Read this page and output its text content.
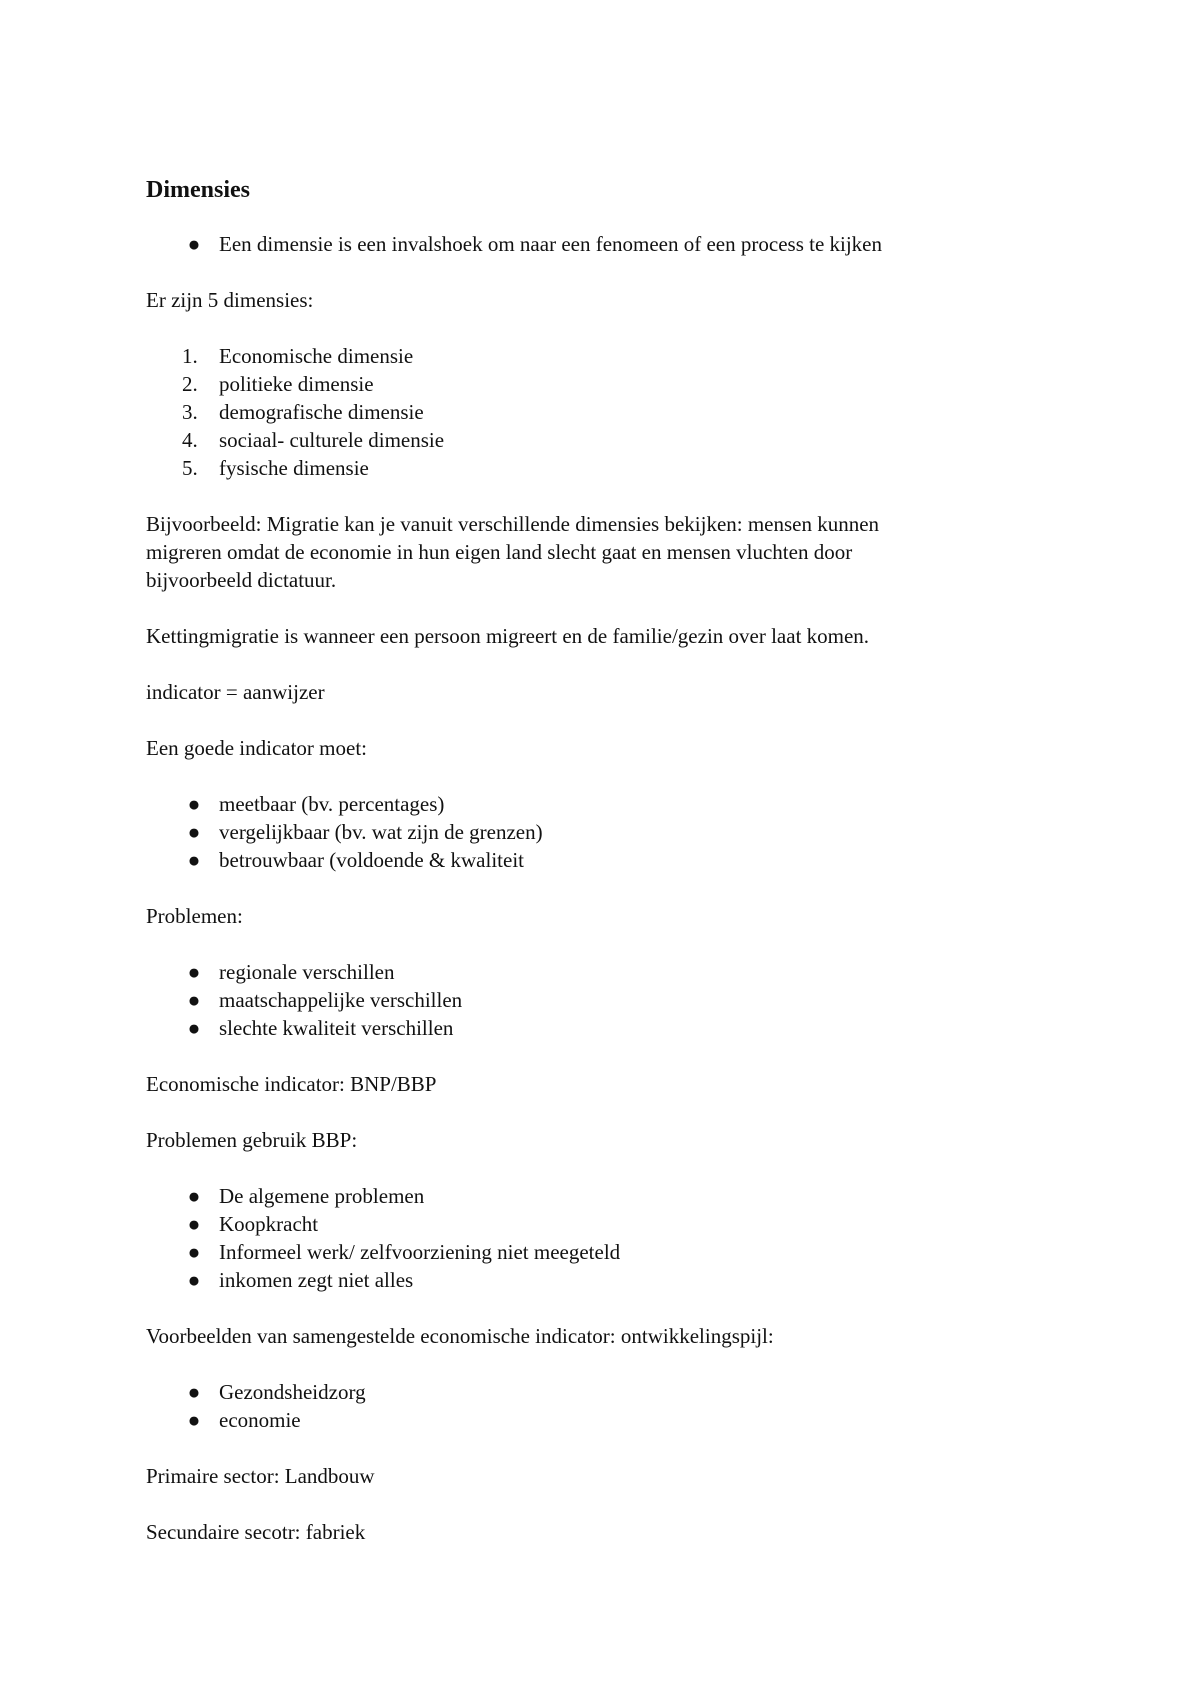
Dimensies
● Een dimensie is een invalshoek om naar een fenomeen of een process te kijken

Er zijn 5 dimensies:

1.	Economische dimensie
2.	politieke dimensie
3.	demografische dimensie
4.	sociaal- culturele dimensie
5.	fysische dimensie

Bijvoorbeeld: Migratie kan je vanuit verschillende dimensies bekijken: mensen kunnen
migreren omdat de economie in hun eigen land slecht gaat en mensen vluchten door
bijvoorbeeld dictatuur.

Kettingmigratie is wanneer een persoon migreert en de familie/gezin over laat komen.

indicator = aanwijzer

Een goede indicator moet:

● meetbaar (bv. percentages)
● vergelijkbaar (bv. wat zijn de grenzen)
● betrouwbaar (voldoende & kwaliteit

Problemen:

● regionale verschillen
● maatschappelijke verschillen
● slechte kwaliteit verschillen

Economische indicator: BNP/BBP

Problemen gebruik BBP:

● De algemene problemen
● Koopkracht
● Informeel werk/ zelfvoorziening niet meegeteld
● inkomen zegt niet alles

Voorbeelden van samengestelde economische indicator: ontwikkelingspijl:

● Gezondsheidzorg
● economie

Primaire sector: Landbouw

Secundaire secotr: fabriek
